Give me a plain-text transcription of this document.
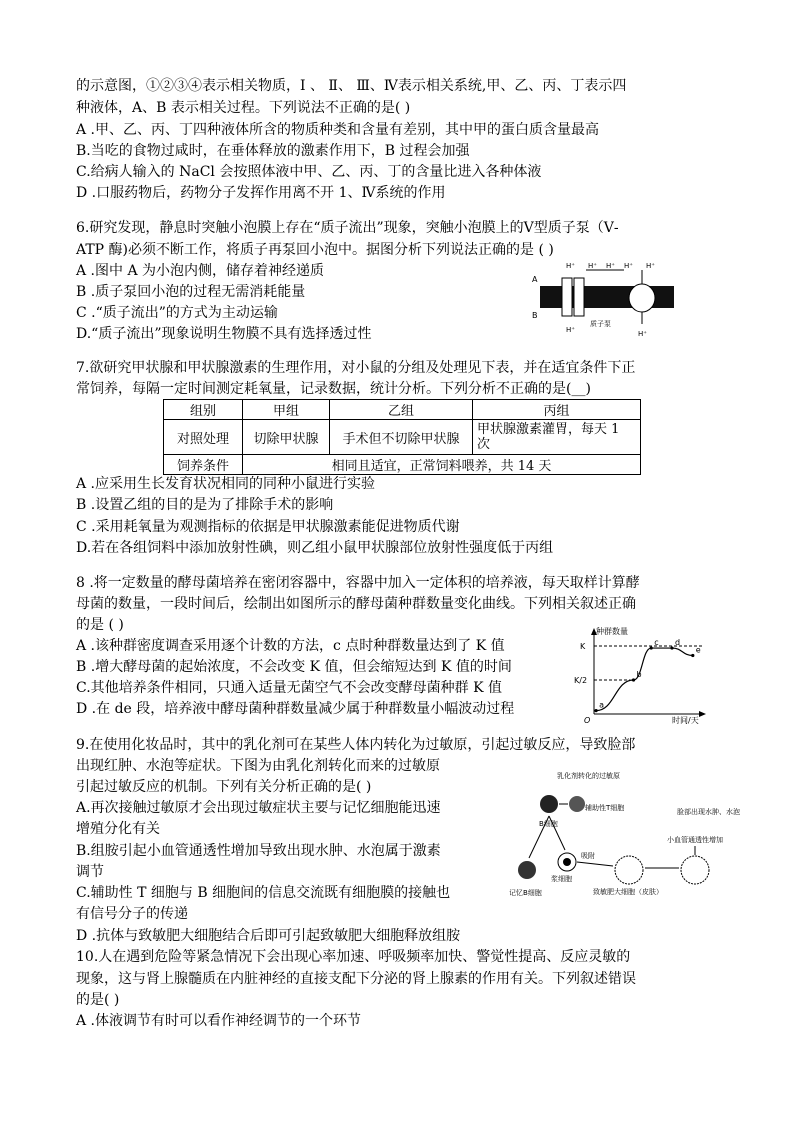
的示意图，①②③④表示相关物质，Ⅰ 、 Ⅱ、 Ⅲ、Ⅳ表示相关系统,甲、乙、丙、丁表示四
种液体，A、B 表示相关过程。下列说法不正确的是( )
A .甲、乙、丙、丁四种液体所含的物质种类和含量有差别，其中甲的蛋白质含量最高
B.当吃的食物过咸时，在垂体释放的激素作用下，B 过程会加强
C.给病人输入的 NaCl 会按照体液中甲、乙、丙、丁的含量比进入各种体液
D .口服药物后，药物分子发挥作用离不开 1、Ⅳ系统的作用
6.研究发现，静息时突触小泡膜上存在“质子流出”现象，突触小泡膜上的Ⅴ型质子泵（Ⅴ-
ATP 酶)必须不断工作，将质子再泵回小泡中。据图分析下列说法正确的是 ( )
A .图中 A 为小泡内侧，储存着神经递质
B .质子泵回小泡的过程无需消耗能量
C .“质子流出”的方式为主动运输
D.“质子流出”现象说明生物膜不具有选择透过性
A
B
H⁺ H⁺ H⁺ H⁺ H⁺
H⁺	H⁺
质子泵
7.欲研究甲状腺和甲状腺激素的生理作用，对小鼠的分组及处理见下表，并在适宜条件下正
常饲养，每隔一定时间测定耗氧量，记录数据，统计分析。下列分析不正确的是(__)
组别	甲组	乙组	丙组
对照处理	切除甲状腺	手术但不切除甲状腺	甲状腺激素灌胃，每天 1 次
饲养条件	相同且适宜，正常饲料喂养，共 14 天		
A .应采用生长发育状况相同的同种小鼠进行实验
B .设置乙组的目的是为了排除手术的影响
C .采用耗氧量为观测指标的依据是甲状腺激素能促进物质代谢
D.若在各组饲料中添加放射性碘，则乙组小鼠甲状腺部位放射性强度低于丙组
8 .将一定数量的酵母菌培养在密闭容器中，容器中加入一定体积的培养液，每天取样计算酵
母菌的数量，一段时间后，绘制出如图所示的酵母菌种群数量变化曲线。下列相关叙述正确
的是 ( )
A .该种群密度调查采用逐个计数的方法，c 点时种群数量达到了 K 值
B .增大酵母菌的起始浓度，不会改变 K 值，但会缩短达到 K 值的时间
C.其他培养条件相同，只通入适量无菌空气不会改变酵母菌种群 K 值
D .在 de 段，培养液中酵母菌种群数量减少属于种群数量小幅波动过程	a
b
c d
e
种群数量
时间/天
K
K/2
O
9.在使用化妆品时，其中的乳化剂可在某些人体内转化为过敏原，引起过敏反应，导致脸部
出现红肿、水泡等症状。下图为由乳化剂转化而来的过敏原
引起过敏反应的机制。下列有关分析正确的是( )
A.再次接触过敏原才会出现过敏症状主要与记忆细胞能迅速
增殖分化有关
B.组胺引起小血管通透性增加导致出现水肿、水泡属于激素
调节
C.辅助性 T 细胞与 B 细胞间的信息交流既有细胞膜的接触也
有信号分子的传递
D .抗体与致敏肥大细胞结合后即可引起致敏肥大细胞释放组胺
乳化剂转化的过敏原
B细胞
辅助性T细胞	脸部出现水肿、水泡
小血管通透性增加
记忆B细胞
浆细胞
吸附
致敏肥大细胞（皮肤）
10.人在遇到危险等紧急情况下会出现心率加速、呼吸频率加快、警觉性提高、反应灵敏的
现象，这与肾上腺髓质在内脏神经的直接支配下分泌的肾上腺素的作用有关。下列叙述错误
的是( )
A .体液调节有时可以看作神经调节的一个环节
